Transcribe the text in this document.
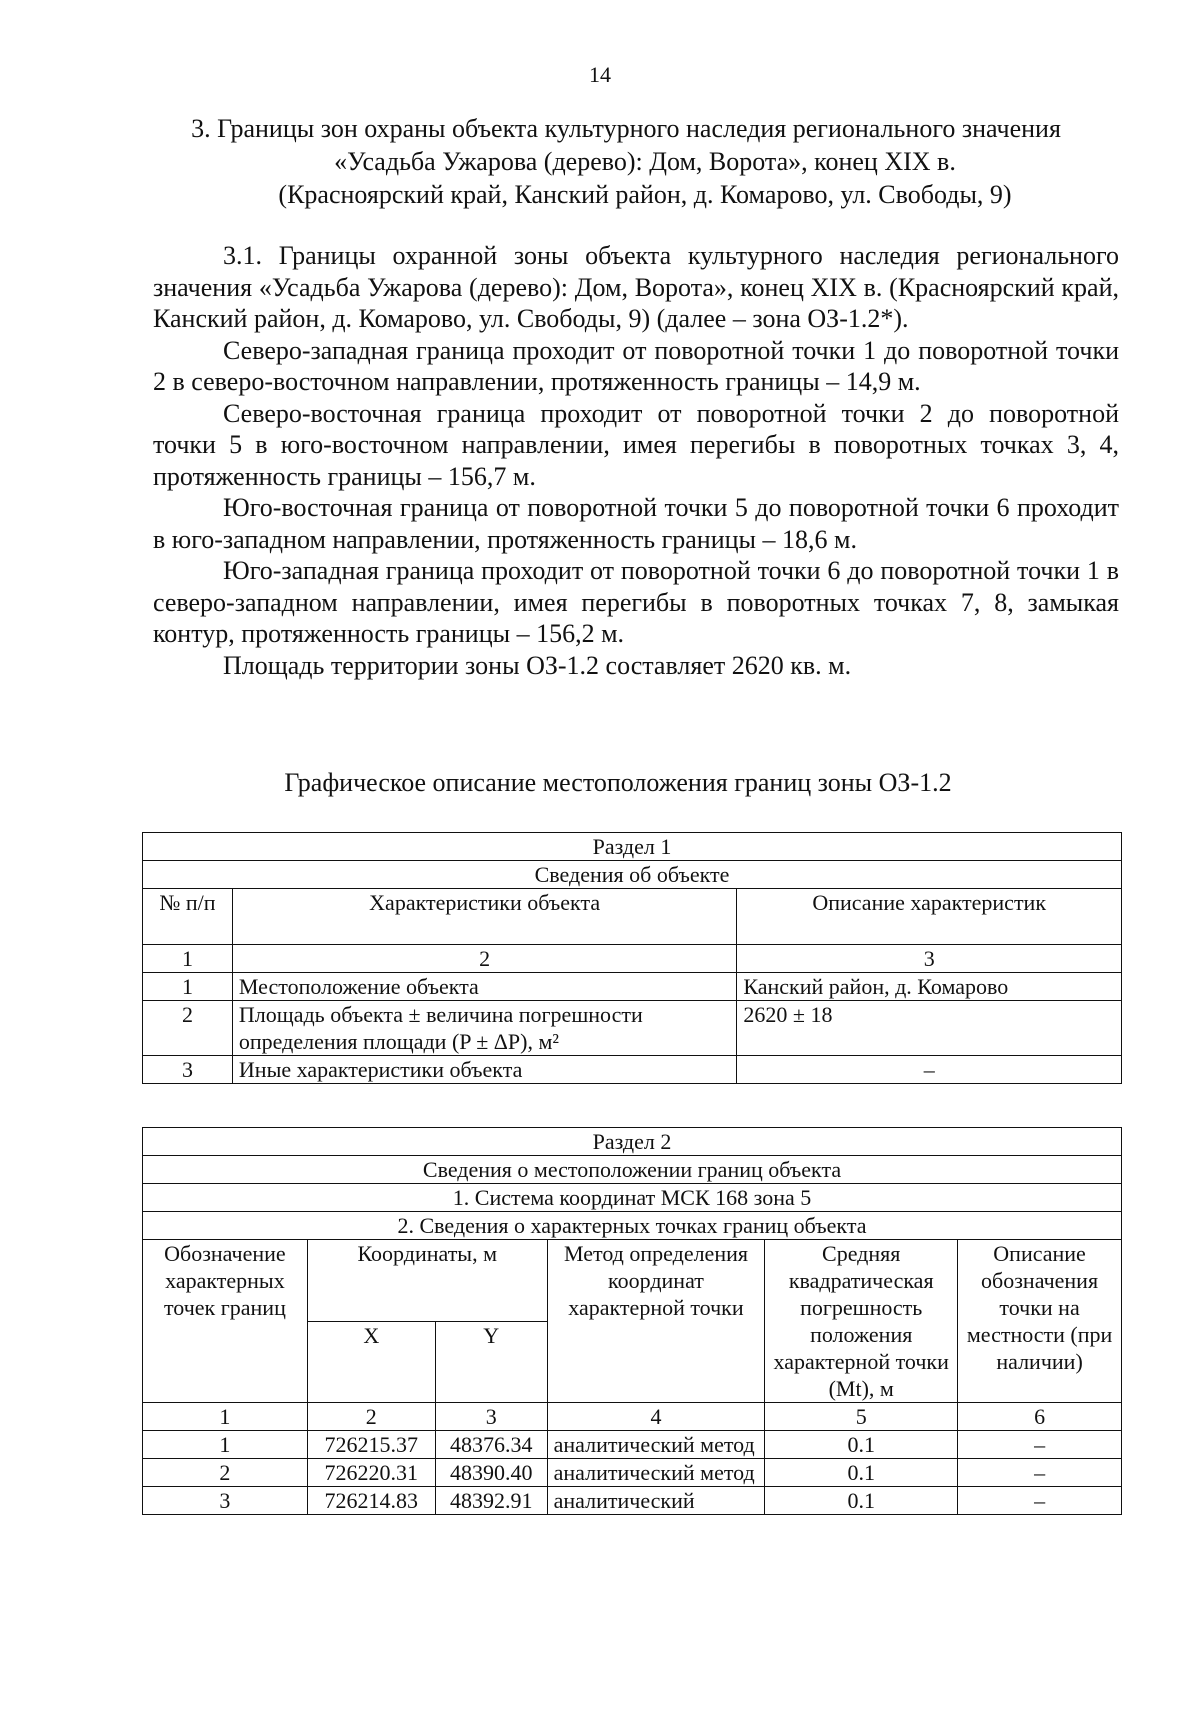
14
3. Границы зон охраны объекта культурного наследия регионального значения
«Усадьба Ужарова (дерево): Дом, Ворота», конец XIX в.
(Красноярский край, Канский район, д. Комарово, ул. Свободы, 9)

3.1. Границы охранной зоны объекта культурного наследия регионального значения «Усадьба Ужарова (дерево): Дом, Ворота», конец XIX в. (Красноярский край, Канский район, д. Комарово, ул. Свободы, 9) (далее – зона ОЗ-1.2*).

Северо-западная граница проходит от поворотной точки 1 до поворотной точки 2 в северо-восточном направлении, протяженность границы – 14,9 м.

Северо-восточная граница проходит от поворотной точки 2 до поворотной точки 5 в юго-восточном направлении, имея перегибы в поворотных точках 3, 4, протяженность границы – 156,7 м.

Юго-восточная граница от поворотной точки 5 до поворотной точки 6 проходит в юго-западном направлении, протяженность границы – 18,6 м.

Юго-западная граница проходит от поворотной точки 6 до поворотной точки 1 в северо-западном направлении, имея перегибы в поворотных точках 7, 8, замыкая контур, протяженность границы – 156,2 м.

Площадь территории зоны ОЗ-1.2 составляет 2620 кв. м.

Графическое описание местоположения границ зоны ОЗ-1.2
Раздел 1		
Сведения об объекте		
№ п/п	Характеристики объекта	Описание характеристик
1	2	3
1	Местоположение объекта	Канский район, д. Комарово
2	Площадь объекта ± величина погрешности определения площади (P ± ΔP), м²	2620 ± 18
3	Иные характеристики объекта	–
Раздел 2					
Сведения о местоположении границ объекта					
1. Система координат МСК 168 зона 5					
2. Сведения о характерных точках границ объекта					
Обозначение характерных точек границ	Координаты, м		Метод определения координат характерной точки	Средняя квадратическая погрешность положения характерной точки (Mt), м	Описание обозначения точки на местности (при наличии)
	X	Y			
1	2	3	4	5	6
1	726215.37	48376.34	аналитический метод	0.1	–
2	726220.31	48390.40	аналитический метод	0.1	–
3	726214.83	48392.91	аналитический	0.1	–
